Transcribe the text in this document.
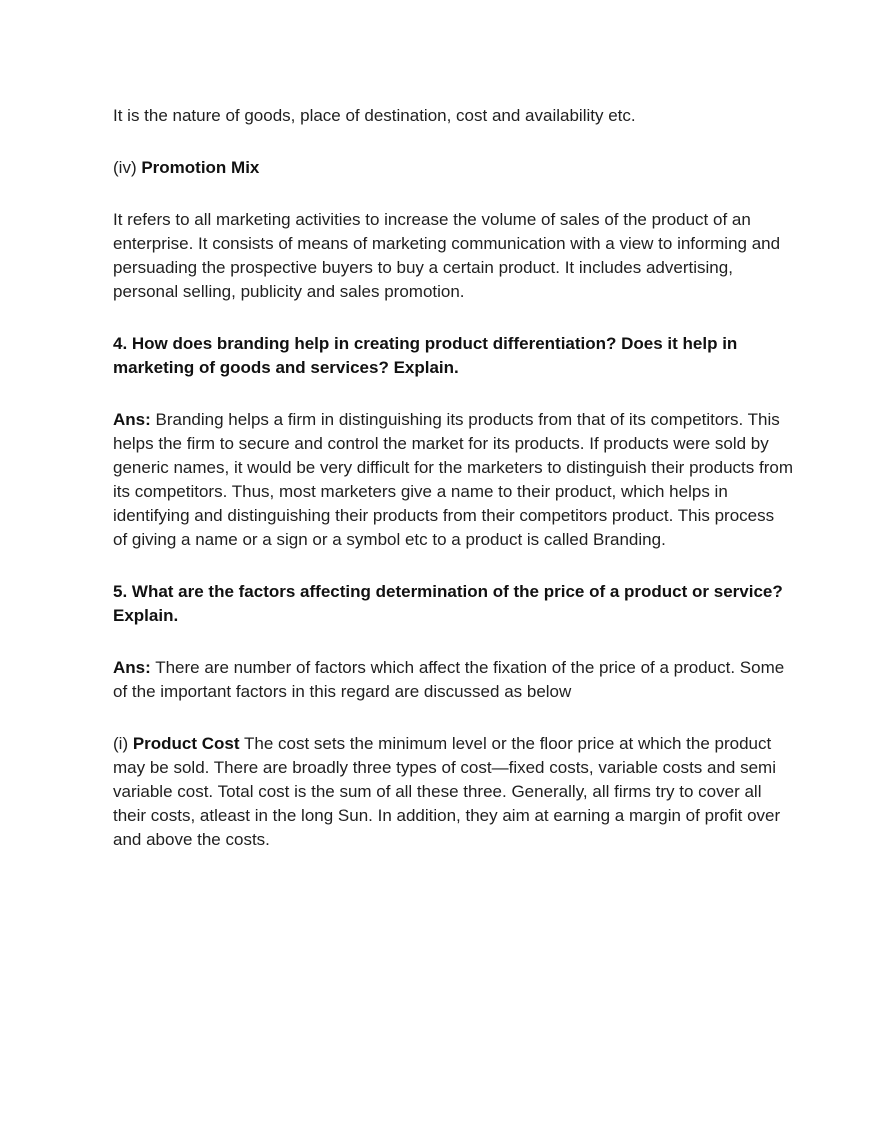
It is the nature of goods, place of destination, cost and availability etc.

(iv) Promotion Mix

It refers to all marketing activities to increase the volume of sales of the product of an enterprise. It consists of means of marketing communication with a view to informing and persuading the prospective buyers to buy a certain product. It includes advertising, personal selling, publicity and sales promotion.

4. How does branding help in creating product differentiation? Does it help in marketing of goods and services? Explain.

Ans: Branding helps a firm in distinguishing its products from that of its competitors. This helps the firm to secure and control the market for its products. If products were sold by generic names, it would be very difficult for the marketers to distinguish their products from its competitors. Thus, most marketers give a name to their product, which helps in identifying and distinguishing their products from their competitors product. This process of giving a name or a sign or a symbol etc to a product is called Branding.

5. What are the factors affecting determination of the price of a product or service? Explain.

Ans: There are number of factors which affect the fixation of the price of a product. Some of the important factors in this regard are discussed as below

(i) Product Cost The cost sets the minimum level or the floor price at which the product may be sold. There are broadly three types of cost—fixed costs, variable costs and semi variable cost. Total cost is the sum of all these three. Generally, all firms try to cover all their costs, atleast in the long Sun. In addition, they aim at earning a margin of profit over and above the costs.
